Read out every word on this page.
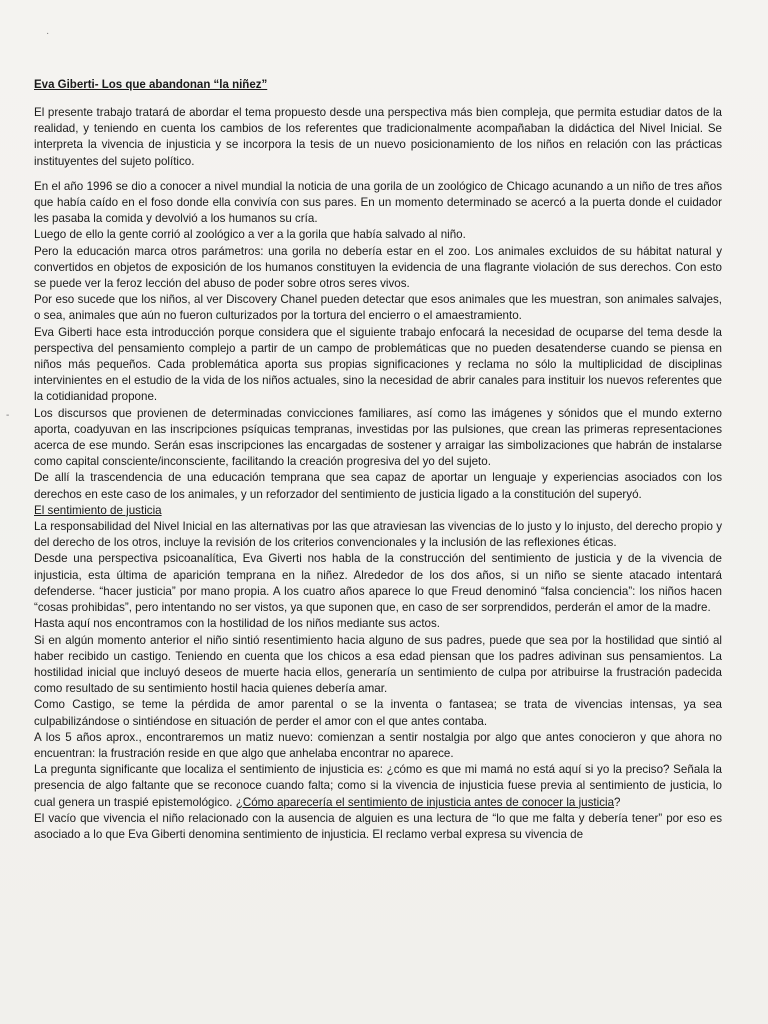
·
-
Eva Giberti- Los que abandonan “la niñez”

El presente trabajo tratará de abordar el tema propuesto desde una perspectiva más bien compleja, que permita estudiar datos de la realidad, y teniendo en cuenta los cambios de los referentes que tradicionalmente acompañaban la didáctica del Nivel Inicial. Se interpreta la vivencia de injusticia y se incorpora la tesis de un nuevo posicionamiento de los niños en relación con las prácticas instituyentes del sujeto político.

En el año 1996 se dio a conocer a nivel mundial la noticia de una gorila de un zoológico de Chicago acunando a un niño de tres años que había caído en el foso donde ella convivía con sus pares. En un momento determinado se acercó a la puerta donde el cuidador les pasaba la comida y devolvió a los humanos su cría.

Luego de ello la gente corrió al zoológico a ver a la gorila que había salvado al niño.

Pero la educación marca otros parámetros: una gorila no debería estar en el zoo. Los animales excluidos de su hábitat natural y convertidos en objetos de exposición de los humanos constituyen la evidencia de una flagrante violación de sus derechos. Con esto se puede ver la feroz lección del abuso de poder sobre otros seres vivos.

Por eso sucede que los niños, al ver Discovery Chanel pueden detectar que esos animales que les muestran, son animales salvajes, o sea, animales que aún no fueron culturizados por la tortura del encierro o el amaestramiento.

Eva Giberti hace esta introducción porque considera que el siguiente trabajo enfocará la necesidad de ocuparse del tema desde la perspectiva del pensamiento complejo a partir de un campo de problemáticas que no pueden desatenderse cuando se piensa en niños más pequeños. Cada problemática aporta sus propias significaciones y reclama no sólo la multiplicidad de disciplinas intervinientes en el estudio de la vida de los niños actuales, sino la necesidad de abrir canales para instituir los nuevos referentes que la cotidianidad propone.

Los discursos que provienen de determinadas convicciones familiares, así como las imágenes y sónidos que el mundo externo aporta, coadyuvan en las inscripciones psíquicas tempranas, investidas por las pulsiones, que crean las primeras representaciones acerca de ese mundo. Serán esas inscripciones las encargadas de sostener y arraigar las simbolizaciones que habrán de instalarse como capital consciente/inconsciente, facilitando la creación progresiva del yo del sujeto.

De allí la trascendencia de una educación temprana que sea capaz de aportar un lenguaje y experiencias asociados con los derechos en este caso de los animales, y un reforzador del sentimiento de justicia ligado a la constitución del superyó.

El sentimiento de justicia

La responsabilidad del Nivel Inicial en las alternativas por las que atraviesan las vivencias de lo justo y lo injusto, del derecho propio y del derecho de los otros, incluye la revisión de los criterios convencionales y la inclusión de las reflexiones éticas.

Desde una perspectiva psicoanalítica, Eva Giverti nos habla de la construcción del sentimiento de justicia y de la vivencia de injusticia, esta última de aparición temprana en la niñez. Alrededor de los dos años, si un niño se siente atacado intentará defenderse. “hacer justicia” por mano propia. A los cuatro años aparece lo que Freud denominó “falsa conciencia”: los niños hacen “cosas prohibidas”, pero intentando no ser vistos, ya que suponen que, en caso de ser sorprendidos, perderán el amor de la madre.

Hasta aquí nos encontramos con la hostilidad de los niños mediante sus actos.

Si en algún momento anterior el niño sintió resentimiento hacia alguno de sus padres, puede que sea por la hostilidad que sintió al haber recibido un castigo. Teniendo en cuenta que los chicos a esa edad piensan que los padres adivinan sus pensamientos. La hostilidad inicial que incluyó deseos de muerte hacia ellos, generaría un sentimiento de culpa por atribuirse la frustración padecida como resultado de su sentimiento hostil hacia quienes debería amar.

Como Castigo, se teme la pérdida de amor parental o se la inventa o fantasea; se trata de vivencias intensas, ya sea culpabilizándose o sintiéndose en situación de perder el amor con el que antes contaba.

A los 5 años aprox., encontraremos un matiz nuevo: comienzan a sentir nostalgia por algo que antes conocieron y que ahora no encuentran: la frustración reside en que algo que anhelaba encontrar no aparece.

La pregunta significante que localiza el sentimiento de injusticia es: ¿cómo es que mi mamá no está aquí si yo la preciso? Señala la presencia de algo faltante que se reconoce cuando falta; como si la vivencia de injusticia fuese previa al sentimiento de justicia, lo cual genera un traspié epistemológico. ¿Cómo aparecería el sentimiento de injusticia antes de conocer la justicia?

El vacío que vivencia el niño relacionado con la ausencia de alguien es una lectura de “lo que me falta y debería tener” por eso es asociado a lo que Eva Giberti denomina sentimiento de injusticia. El reclamo verbal expresa su vivencia de
